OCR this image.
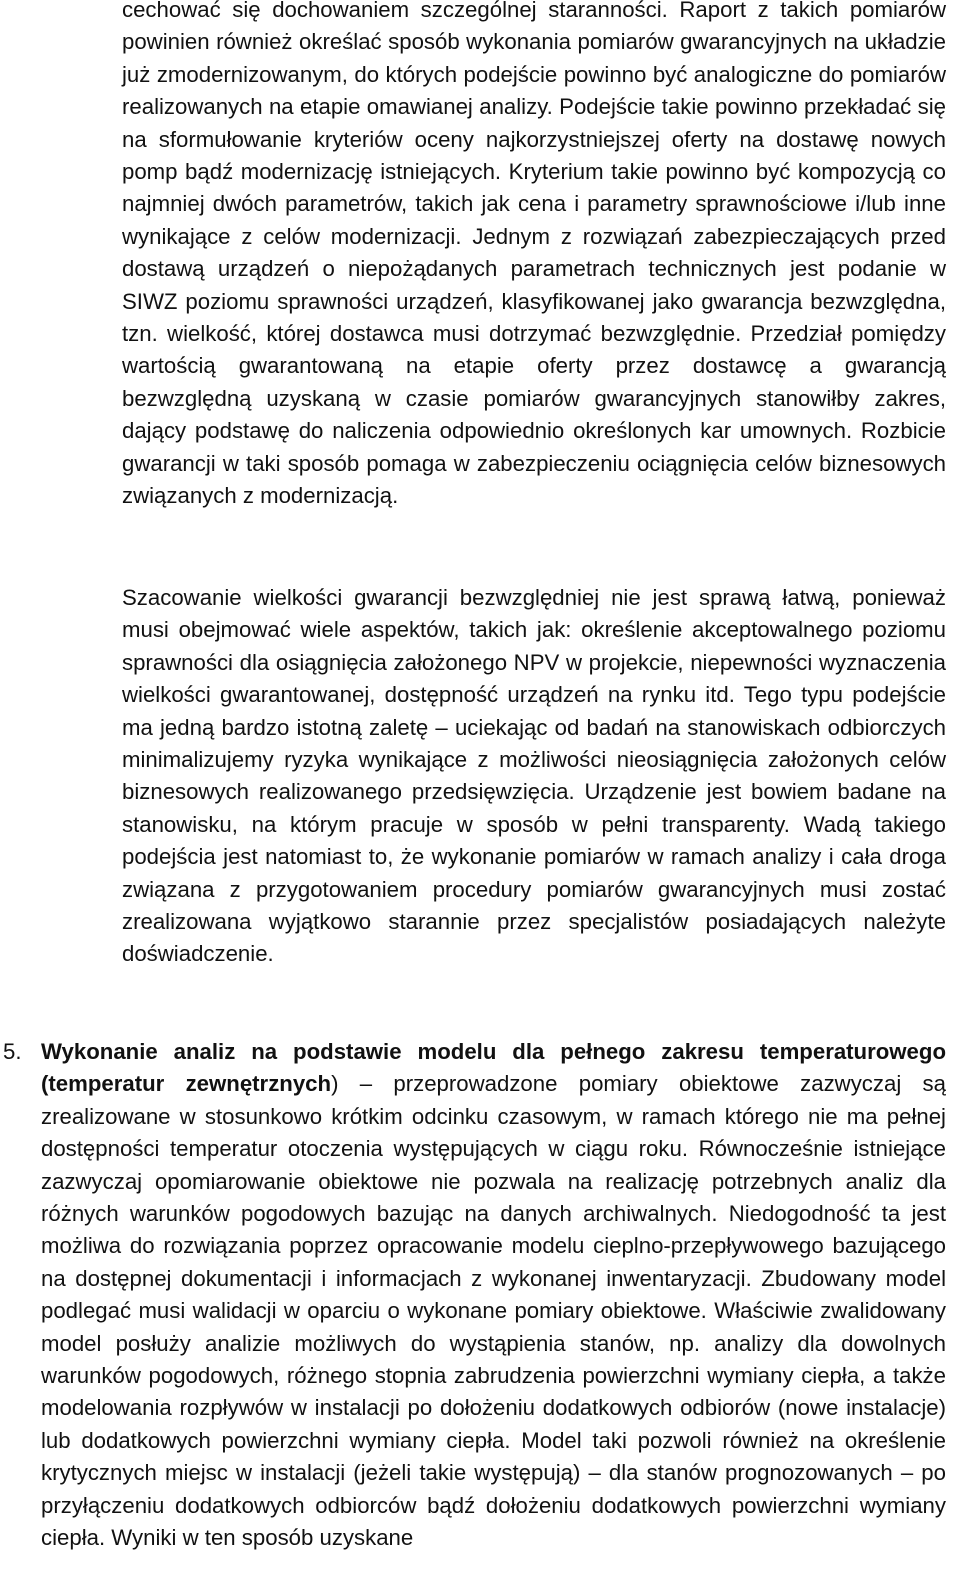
cechować się dochowaniem szczególnej staranności. Raport z takich pomiarów powinien również określać sposób wykonania pomiarów gwarancyjnych na układzie już zmodernizowanym, do których podejście powinno być analogiczne do pomiarów realizowanych na etapie omawianej analizy. Podejście takie powinno przekładać się na sformułowanie kryteriów oceny najkorzystniejszej oferty na dostawę nowych pomp bądź modernizację istniejących. Kryterium takie powinno być kompozycją co najmniej dwóch parametrów, takich jak cena i parametry sprawnościowe i/lub inne wynikające z celów modernizacji. Jednym z rozwiązań zabezpieczających przed dostawą urządzeń o niepożądanych parametrach technicznych jest podanie w SIWZ poziomu sprawności urządzeń, klasyfikowanej jako gwarancja bezwzględna, tzn. wielkość, której dostawca musi dotrzymać bezwzględnie. Przedział pomiędzy wartością gwarantowaną na etapie oferty przez dostawcę a gwarancją bezwzględną uzyskaną w czasie pomiarów gwarancyjnych stanowiłby zakres, dający podstawę do naliczenia odpowiednio określonych kar umownych. Rozbicie gwarancji w taki sposób pomaga w zabezpieczeniu ociągnięcia celów biznesowych związanych z modernizacją.

Szacowanie wielkości gwarancji bezwzględniej nie jest sprawą łatwą, ponieważ musi obejmować wiele aspektów, takich jak: określenie akceptowalnego poziomu sprawności dla osiągnięcia założonego NPV w projekcie, niepewności wyznaczenia wielkości gwarantowanej, dostępność urządzeń na rynku itd. Tego typu podejście ma jedną bardzo istotną zaletę – uciekając od badań na stanowiskach odbiorczych minimalizujemy ryzyka wynikające z możliwości nieosiągnięcia założonych celów biznesowych realizowanego przedsięwzięcia. Urządzenie jest bowiem badane na stanowisku, na którym pracuje w sposób w pełni transparenty. Wadą takiego podejścia jest natomiast to, że wykonanie pomiarów w ramach analizy i cała droga związana z przygotowaniem procedury pomiarów gwarancyjnych musi zostać zrealizowana wyjątkowo starannie przez specjalistów posiadających należyte doświadczenie.

5. Wykonanie analiz na podstawie modelu dla pełnego zakresu temperaturowego (temperatur zewnętrznych) – przeprowadzone pomiary obiektowe zazwyczaj są zrealizowane w stosunkowo krótkim odcinku czasowym, w ramach którego nie ma pełnej dostępności temperatur otoczenia występujących w ciągu roku. Równocześnie istniejące zazwyczaj opomiarowanie obiektowe nie pozwala na realizację potrzebnych analiz dla różnych warunków pogodowych bazując na danych archiwalnych. Niedogodność ta jest możliwa do rozwiązania poprzez opracowanie modelu cieplno-przepływowego bazującego na dostępnej dokumentacji i informacjach z wykonanej inwentaryzacji. Zbudowany model podlegać musi walidacji w oparciu o wykonane pomiary obiektowe. Właściwie zwalidowany model posłuży analizie możliwych do wystąpienia stanów, np. analizy dla dowolnych warunków pogodowych, różnego stopnia zabrudzenia powierzchni wymiany ciepła, a także modelowania rozpływów w instalacji po dołożeniu dodatkowych odbiorów (nowe instalacje) lub dodatkowych powierzchni wymiany ciepła. Model taki pozwoli również na określenie krytycznych miejsc w instalacji (jeżeli takie występują) – dla stanów prognozowanych – po przyłączeniu dodatkowych odbiorców bądź dołożeniu dodatkowych powierzchni wymiany ciepła. Wyniki w ten sposób uzyskane
